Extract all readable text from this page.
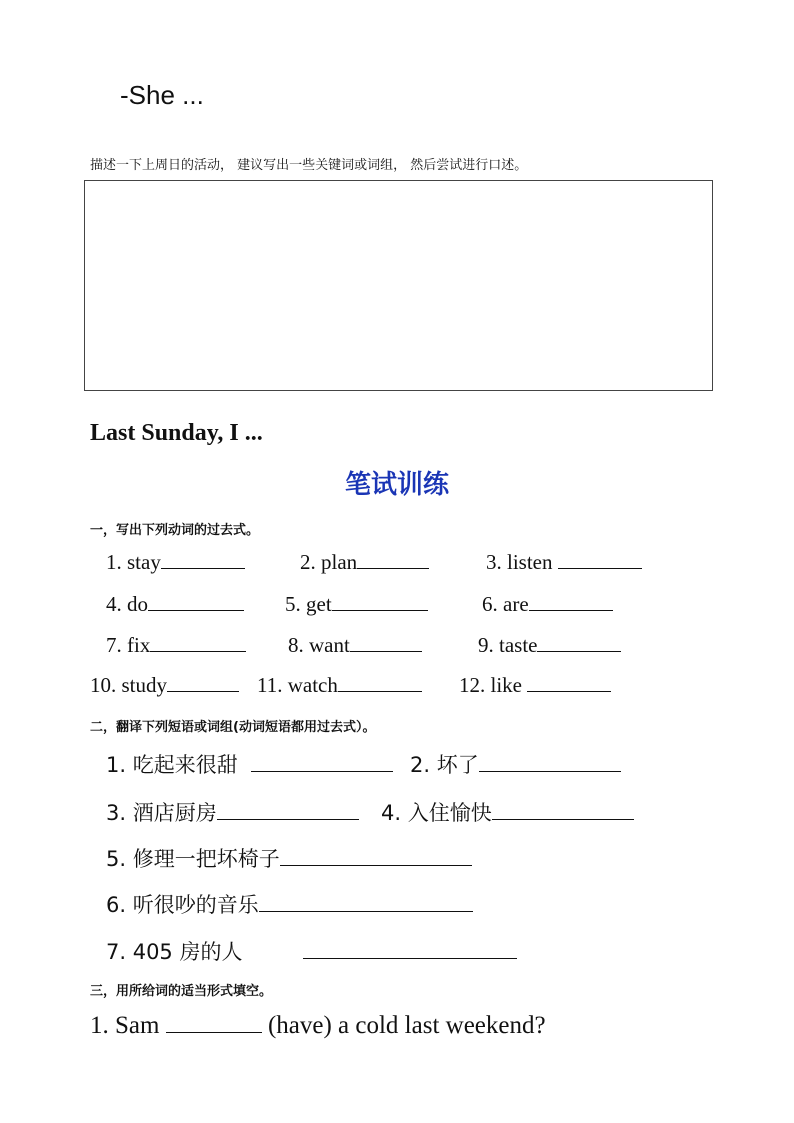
-She ...
描述一下上周日的活动， 建议写出一些关键词或词组， 然后尝试进行口述。
Last Sunday, I ...
笔试训练
一，写出下列动词的过去式。
1. stay	2. plan	3. listen
4. do	5. get	6. are
7. fix	8. want	9. taste
10. study	11. watch	12. like
二，翻译下列短语或词组(动词短语都用过去式）。
1. 吃起来很甜	2. 坏了
3. 酒店厨房	4. 入住愉快
5. 修理一把坏椅子
6. 听很吵的音乐
7. 405 房的人
三，用所给词的适当形式填空。
1. Sam	(have) a cold last weekend?
